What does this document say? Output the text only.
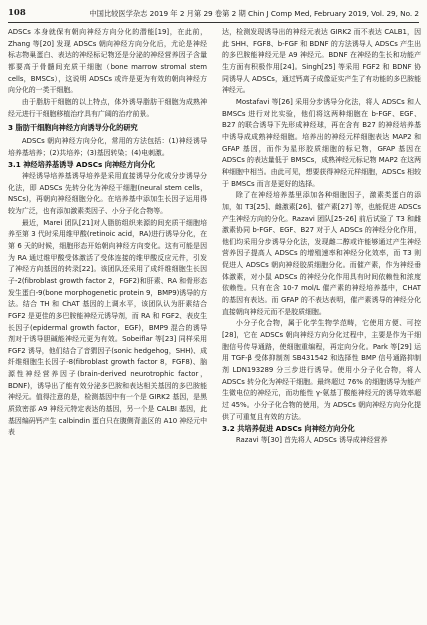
108	中国比较医学杂志 2019 年 2 月第 29 卷第 2 期 Chin J Comp Med, February 2019, Vol. 29, No. 2

ADSCs 本身就保有朝向神经方向分化的潜能[19]，在此前，Zhang 等[20] 发现 ADSCs 朝向神经方向分化后，尤论是神经标志物巢蛋白、表达的神经标记物还是分泌的神经营养因子含量都要高于骨髓间充质干细胞（bone marrow stromal stem cells，BMSCs），这说明 ADSCs 或许是更为有效的朝向神经方向分化的一类干细胞。

由于脂肪干细胞的以上特点，体外诱导脂肪干细胞为成熟神经元进行干细胞移植治疗具有广阔的治疗前景。

3 脂肪干细胞向神经方向诱导分化的研究

ADSCs 朝向神经方向分化，常用的方法包括：(1)神经诱导培养基培养；(2)共培养；(3)基因转染；(4)电刺激。

3.1 神经培养基诱导 ADSCs 向神经方向分化

神经诱导培养基诱导培养是采用直接诱导分化或分步诱导分化法，即 ADSCs 先转分化为神经干细胞(neural stem cells，NSCs)，再朝向神经细胞分化。在培养基中添加生长因子运用得较为广泛，也有添加激素类因子、小分子化合物等。

最近，Marei 团队[21]对人脂肪组织来源的间充质干细胞培养至第 3 代时采用维甲酸(retinoic acid，RA)进行诱导分化，在第 6 天的时候，细胞形态开始朝向神经方向变化。这有可能是因为 RA 通过维甲酸受体激活了受体连接的维甲酸反应元件，引发了神经方向基因的转录[22]。该团队还采用了成纤维细胞生长因子-2(fibroblast growth factor 2，FGF2)和肝素、RA 和骨形态发生蛋白-9(bone morphogenetic protein 9，BMP9)诱导的方法。结合 TH 和 ChAT 基因的上调水平，该团队认为肝素结合 FGF2 是更佳的多巴胺能神经元诱导剂，而 RA 和 FGF2、表皮生长因子(epidermal growth factor，EGF)，BMP9 混合的诱导剂对于诱导胆碱能神经元更为有效。Sobeiflar 等[23] 同样采用 FGF2 诱导，他们结合了音猬因子(sonic hedgehog，SHH)、成纤维细胞生长因子-8(fibroblast growth factor 8，FGF8)、脑源性神经营养因子(brain-derived neurotrophic factor，BDNF)，诱导出了能有效分泌多巴胺和表达相关基因的多巴胺能神经元。值得注意的是，检测基因中有一个是 GIRK2 基因，是黑质致密部 A9 神经元特定表达的基因，另一个是 CALBI 基因，此基因编码钙产生 calbindin 蛋白只在腹侧背盖区的 A10 神经元中表

达，检测发现诱导出的神经元表达 GIRK2 而不表达 CALB1，因此 SHH、FGF8、b-FGF 和 BDNF 的方法诱导人 ADSCs 产生出的多巴胺能神经元是 A9 神经元。BDNF 在神经的生长和功能产生方面有积极作用[24]。Singh[25] 等采用 FGF2 和 BDNF 协同诱导人 ADSCs，通过钙离子成像证实产生了有功能的多巴胺能神经元。

Mostafavi 等[26] 采用分步诱导分化法，将人 ADSCs 和人 BMSCs 进行对比实验，他们将这两种细胞在 b-FGF、EGF、B27 的联合诱导下先形成神经球，再在含有 B27 的神经培养基中诱导成成熟神经细胞。培养出的神经元样细胞表达 MAP2 和 GFAP 基因，而作为星形胶质细胞的标记物，GFAP 基因在 ADSCs 的表达量低于 BMSCs，成熟神经元标记物 MAP2 在这两种细胞中相当。由此可见，想要获得神经元样细胞，ADSCs 相较于 BMSCs 而言是更好的选择。

除了在神经培养基里添加各种细胞因子，激素类蛋白的添加，如 T3[25]、雌激素[26]、催产素[27] 等，也能促进 ADSCs 产生神经方向的分化。Razavi 团队[25-26] 前后试验了 T3 和雌激素协同 b-FGF、EGF、B27 对于人 ADSCs 的神经分化作用，他们均采用分步诱导分化法，发现雌二醇或许能够通过产生神经营养因子提高人 ADSCs 的增殖速率和神经分化效率，而 T3 则促进人 ADSCs 朝向神经胶质细胞分化。而催产素，作为神经垂体激素，对小鼠 ADSCs 的神经分化作用具有时间依赖性和浓度依赖性。只有在含 10-7 mol/L 催产素的神经培养基中，CHAT 的基因有表达。而 GFAP 的不表达表明，催产素诱导的神经分化直接朝向神经元而不是胶质细胞。

小分子化合物，属于化学生物学范畴，它使用方便、可控[28]，它在 ADSCs 朝向神经方向分化过程中，主要是作为干细胞信号传导通路，使细胞重编程，再定向分化。Park 等[29] 运用 TGF-β 受体抑制剂 SB431542 和选择性 BMP 信号通路抑制剂 LDN193289 分三步进行诱导。使用小分子化合物，将人 ADSCs 转分化为神经干细胞。最终超过 76% 的细胞诱导为能产生微电位的神经元，而功能性 γ-氨基丁酸能神经元的诱导效率超过 45%。小分子化合物的使用，为 ADSCs 朝向神经方向分化提供了可重复且有效的方法。

3.2 共培养促进 ADSCs 向神经方向分化

Razavi 等[30] 首先将人 ADSCs 诱导成神经营养
